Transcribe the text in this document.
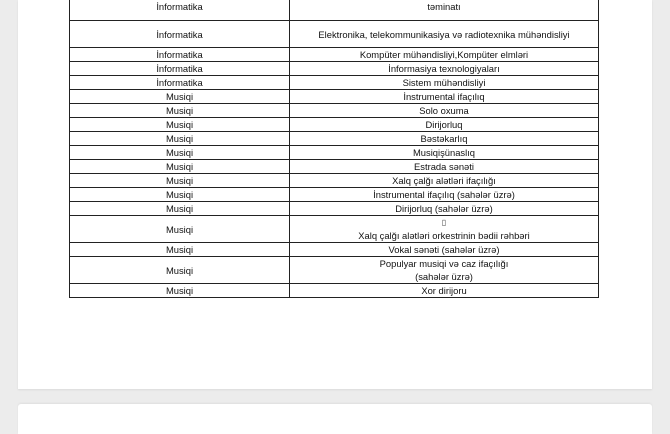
İnformatika	təminatı

İnformatika	Elektronika, telekommunikasiya və radiotexnika mühəndisliyi
İnformatika	Kompüter mühəndisliyi,Kompüter elmləri
İnformatika	İnformasiya texnologiyaları
İnformatika	Sistem mühəndisliyi
Musiqi	İnstrumental ifaçılıq
Musiqi	Solo oxuma
Musiqi	Dirijorluq
Musiqi	Bəstəkarlıq
Musiqi	Musiqişünaslıq
Musiqi	Estrada sənəti
Musiqi	Xalq çalğı alətləri ifaçılığı
Musiqi	İnstrumental ifaçılıq (sahələr üzrə)
Musiqi	Dirijorluq (sahələr üzrə)
Musiqi	▯
Xalq çalğı alətləri orkestrinin bədii rəhbəri

Musiqi	Vokal sənəti (sahələr üzrə)
Musiqi	Populyar musiqi və caz ifaçılığı
(sahələr üzrə)

Musiqi	Xor dirijoru
